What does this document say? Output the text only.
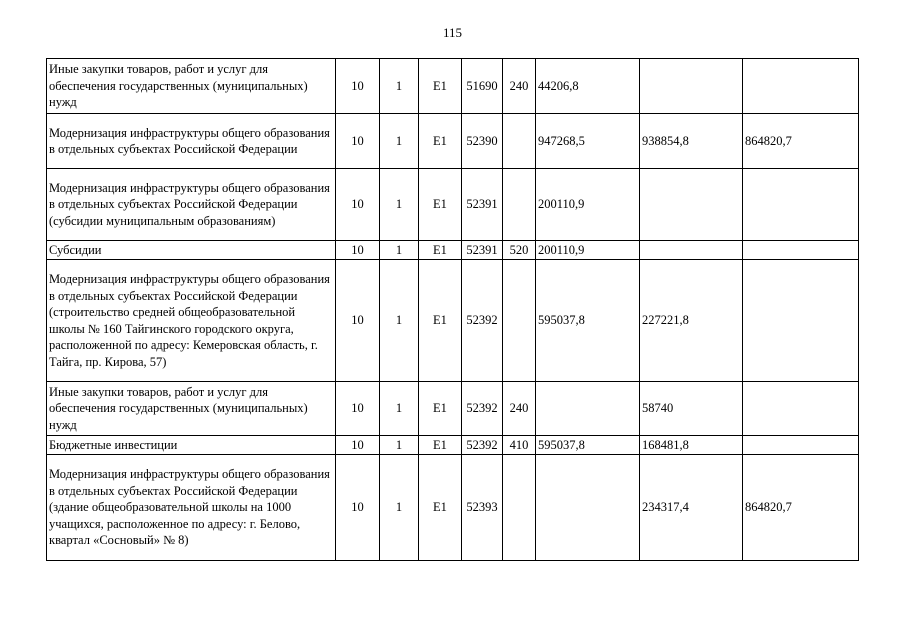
115
Иные закупки товаров, работ и услуг для обеспечения государственных (муниципальных) нужд	10	1	E1	51690	240	44206,8		
Модернизация инфраструктуры общего образования в отдельных субъектах Российской Федерации	10	1	E1	52390		947268,5	938854,8	864820,7
Модернизация инфраструктуры общего образования в отдельных субъектах Российской Федерации (субсидии муниципальным образованиям)	10	1	E1	52391		200110,9		
Субсидии	10	1	E1	52391	520	200110,9		
Модернизация инфраструктуры общего образования в отдельных субъектах Российской Федерации (строительство средней общеобразовательной школы № 160 Тайгинского городского округа, расположенной по адресу: Кемеровская область, г. Тайга, пр. Кирова, 57)	10	1	E1	52392		595037,8	227221,8	
Иные закупки товаров, работ и услуг для обеспечения государственных (муниципальных) нужд	10	1	E1	52392	240		58740	
Бюджетные инвестиции	10	1	E1	52392	410	595037,8	168481,8	
Модернизация инфраструктуры общего образования в отдельных субъектах Российской Федерации (здание общеобразовательной школы на 1000 учащихся, расположенное по адресу: г. Белово, квартал «Сосновый» № 8)	10	1	E1	52393			234317,4	864820,7
